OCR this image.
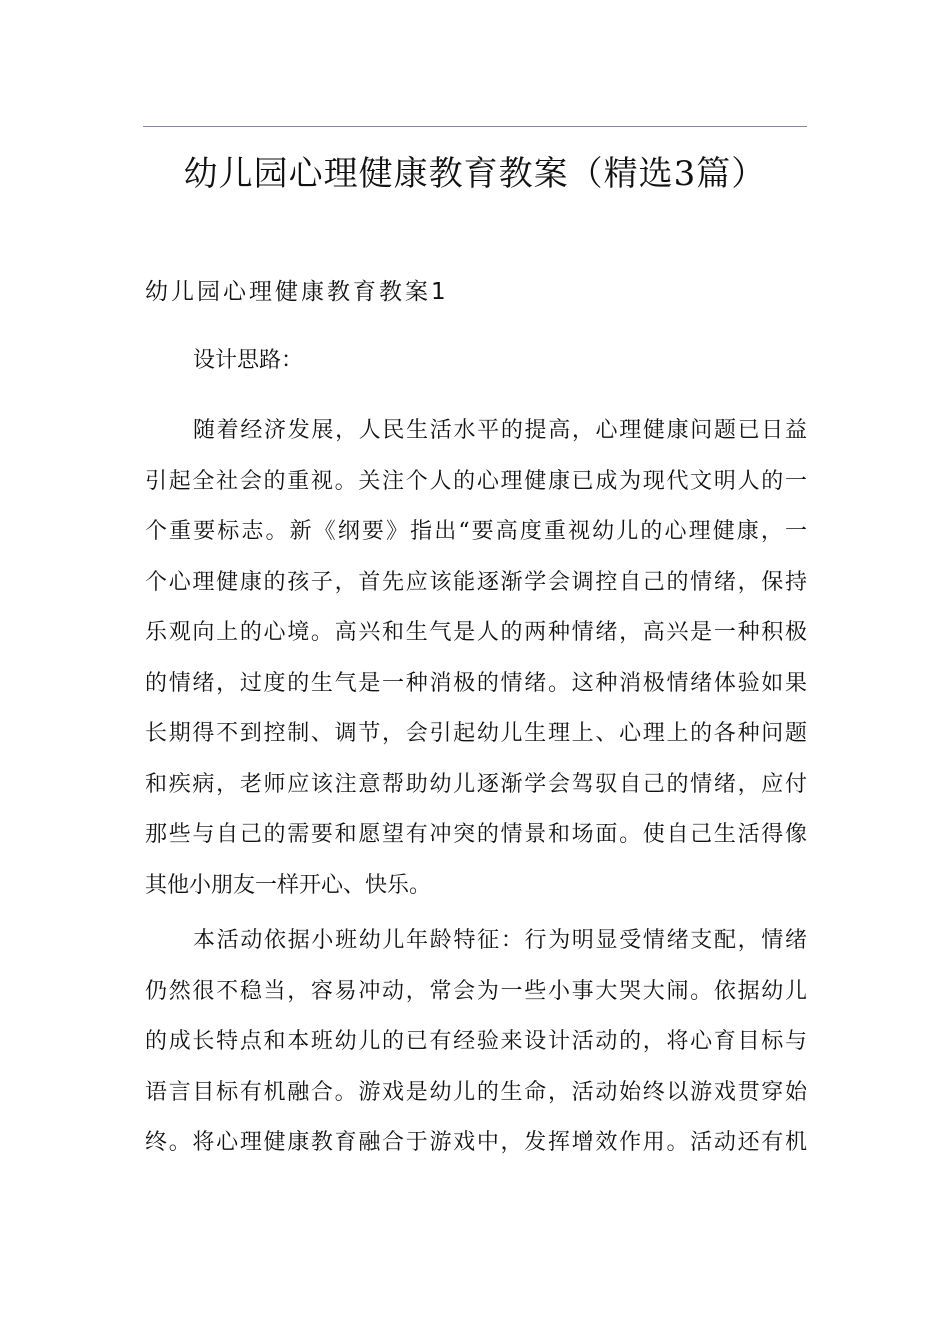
幼儿园心理健康教育教案（精选3篇）
幼儿园心理健康教育教案1
设计思路：
随着经济发展，人民生活水平的提高，心理健康问题已日益
引起全社会的重视。关注个人的心理健康已成为现代文明人的一
个重要标志。新《纲要》指出“要高度重视幼儿的心理健康，一
个心理健康的孩子，首先应该能逐渐学会调控自己的情绪，保持
乐观向上的心境。高兴和生气是人的两种情绪，高兴是一种积极
的情绪，过度的生气是一种消极的情绪。这种消极情绪体验如果
长期得不到控制、调节，会引起幼儿生理上、心理上的各种问题
和疾病，老师应该注意帮助幼儿逐渐学会驾驭自己的情绪，应付
那些与自己的需要和愿望有冲突的情景和场面。使自己生活得像
其他小朋友一样开心、快乐。
本活动依据小班幼儿年龄特征：行为明显受情绪支配，情绪
仍然很不稳当，容易冲动，常会为一些小事大哭大闹。依据幼儿
的成长特点和本班幼儿的已有经验来设计活动的，将心育目标与
语言目标有机融合。游戏是幼儿的生命，活动始终以游戏贯穿始
终。将心理健康教育融合于游戏中，发挥增效作用。活动还有机
